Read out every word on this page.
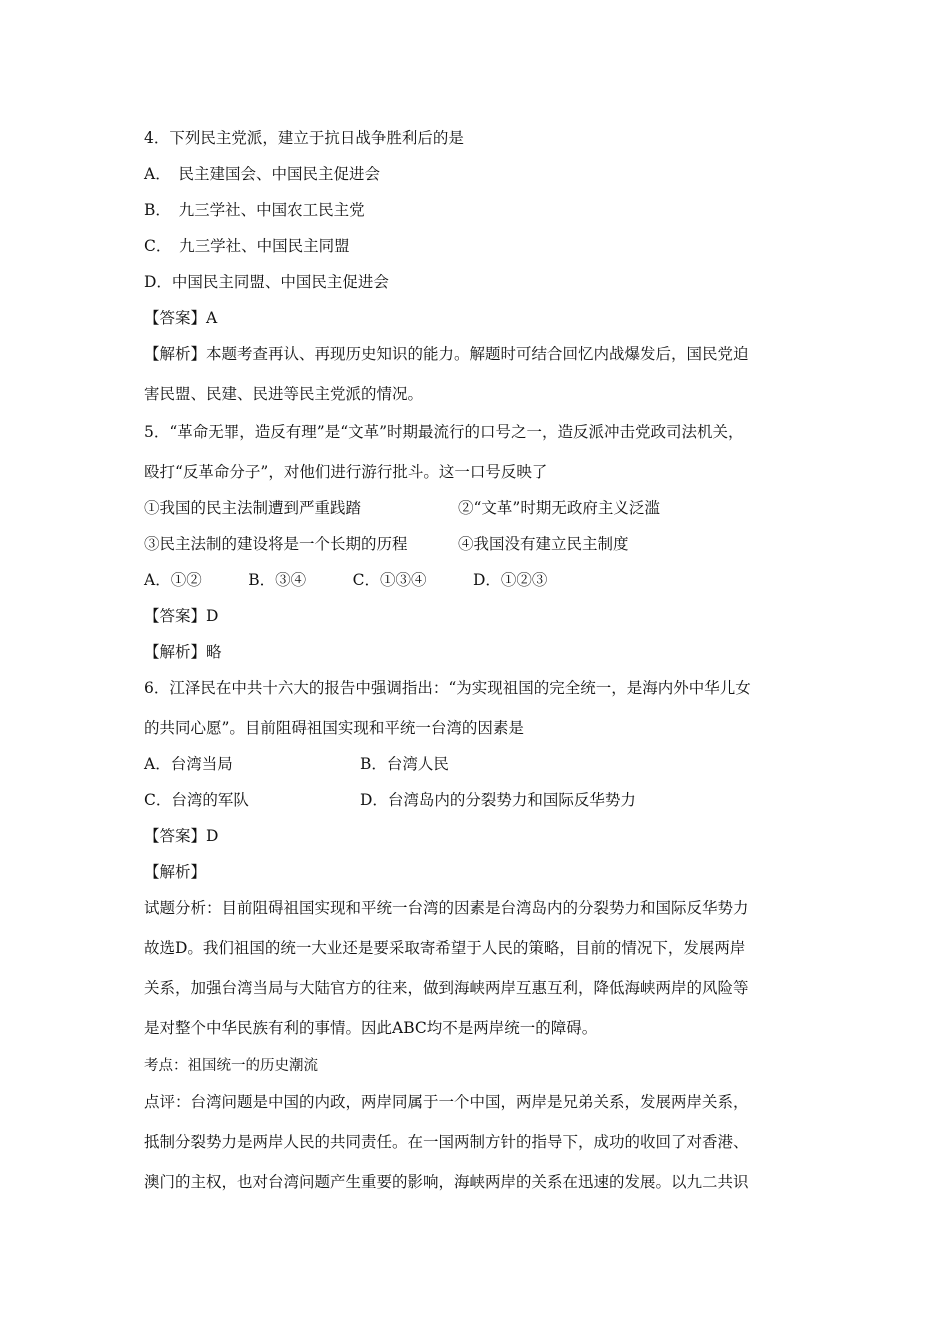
4．下列民主党派，建立于抗日战争胜利后的是
A．　民主建国会、中国民主促进会
B．　九三学社、中国农工民主党
C．　九三学社、中国民主同盟
D．中国民主同盟、中国民主促进会
【答案】A
【解析】本题考查再认、再现历史知识的能力。解题时可结合回忆内战爆发后，国民党迫
害民盟、民建、民进等民主党派的情况。
5．“革命无罪，造反有理”是“文革”时期最流行的口号之一，造反派冲击党政司法机关，
殴打“反革命分子”，对他们进行游行批斗。这一口号反映了
①我国的民主法制遭到严重践踏	②“文革”时期无政府主义泛滥
③民主法制的建设将是一个长期的历程	④我国没有建立民主制度
A．①②　　　B．③④　　　C．①③④　　　D．①②③
【答案】D
【解析】略
6．江泽民在中共十六大的报告中强调指出：“为实现祖国的完全统一，是海内外中华儿女
的共同心愿”。目前阻碍祖国实现和平统一台湾的因素是
A．台湾当局	B．台湾人民
C．台湾的军队	D．台湾岛内的分裂势力和国际反华势力
【答案】D
【解析】
试题分析：目前阻碍祖国实现和平统一台湾的因素是台湾岛内的分裂势力和国际反华势力
故选D。我们祖国的统一大业还是要采取寄希望于人民的策略，目前的情况下，发展两岸
关系，加强台湾当局与大陆官方的往来，做到海峡两岸互惠互利，降低海峡两岸的风险等
是对整个中华民族有利的事情。因此ABC均不是两岸统一的障碍。
考点：祖国统一的历史潮流
点评：台湾问题是中国的内政，两岸同属于一个中国，两岸是兄弟关系，发展两岸关系，
抵制分裂势力是两岸人民的共同责任。在一国两制方针的指导下，成功的收回了对香港、
澳门的主权，也对台湾问题产生重要的影响，海峡两岸的关系在迅速的发展。以九二共识
